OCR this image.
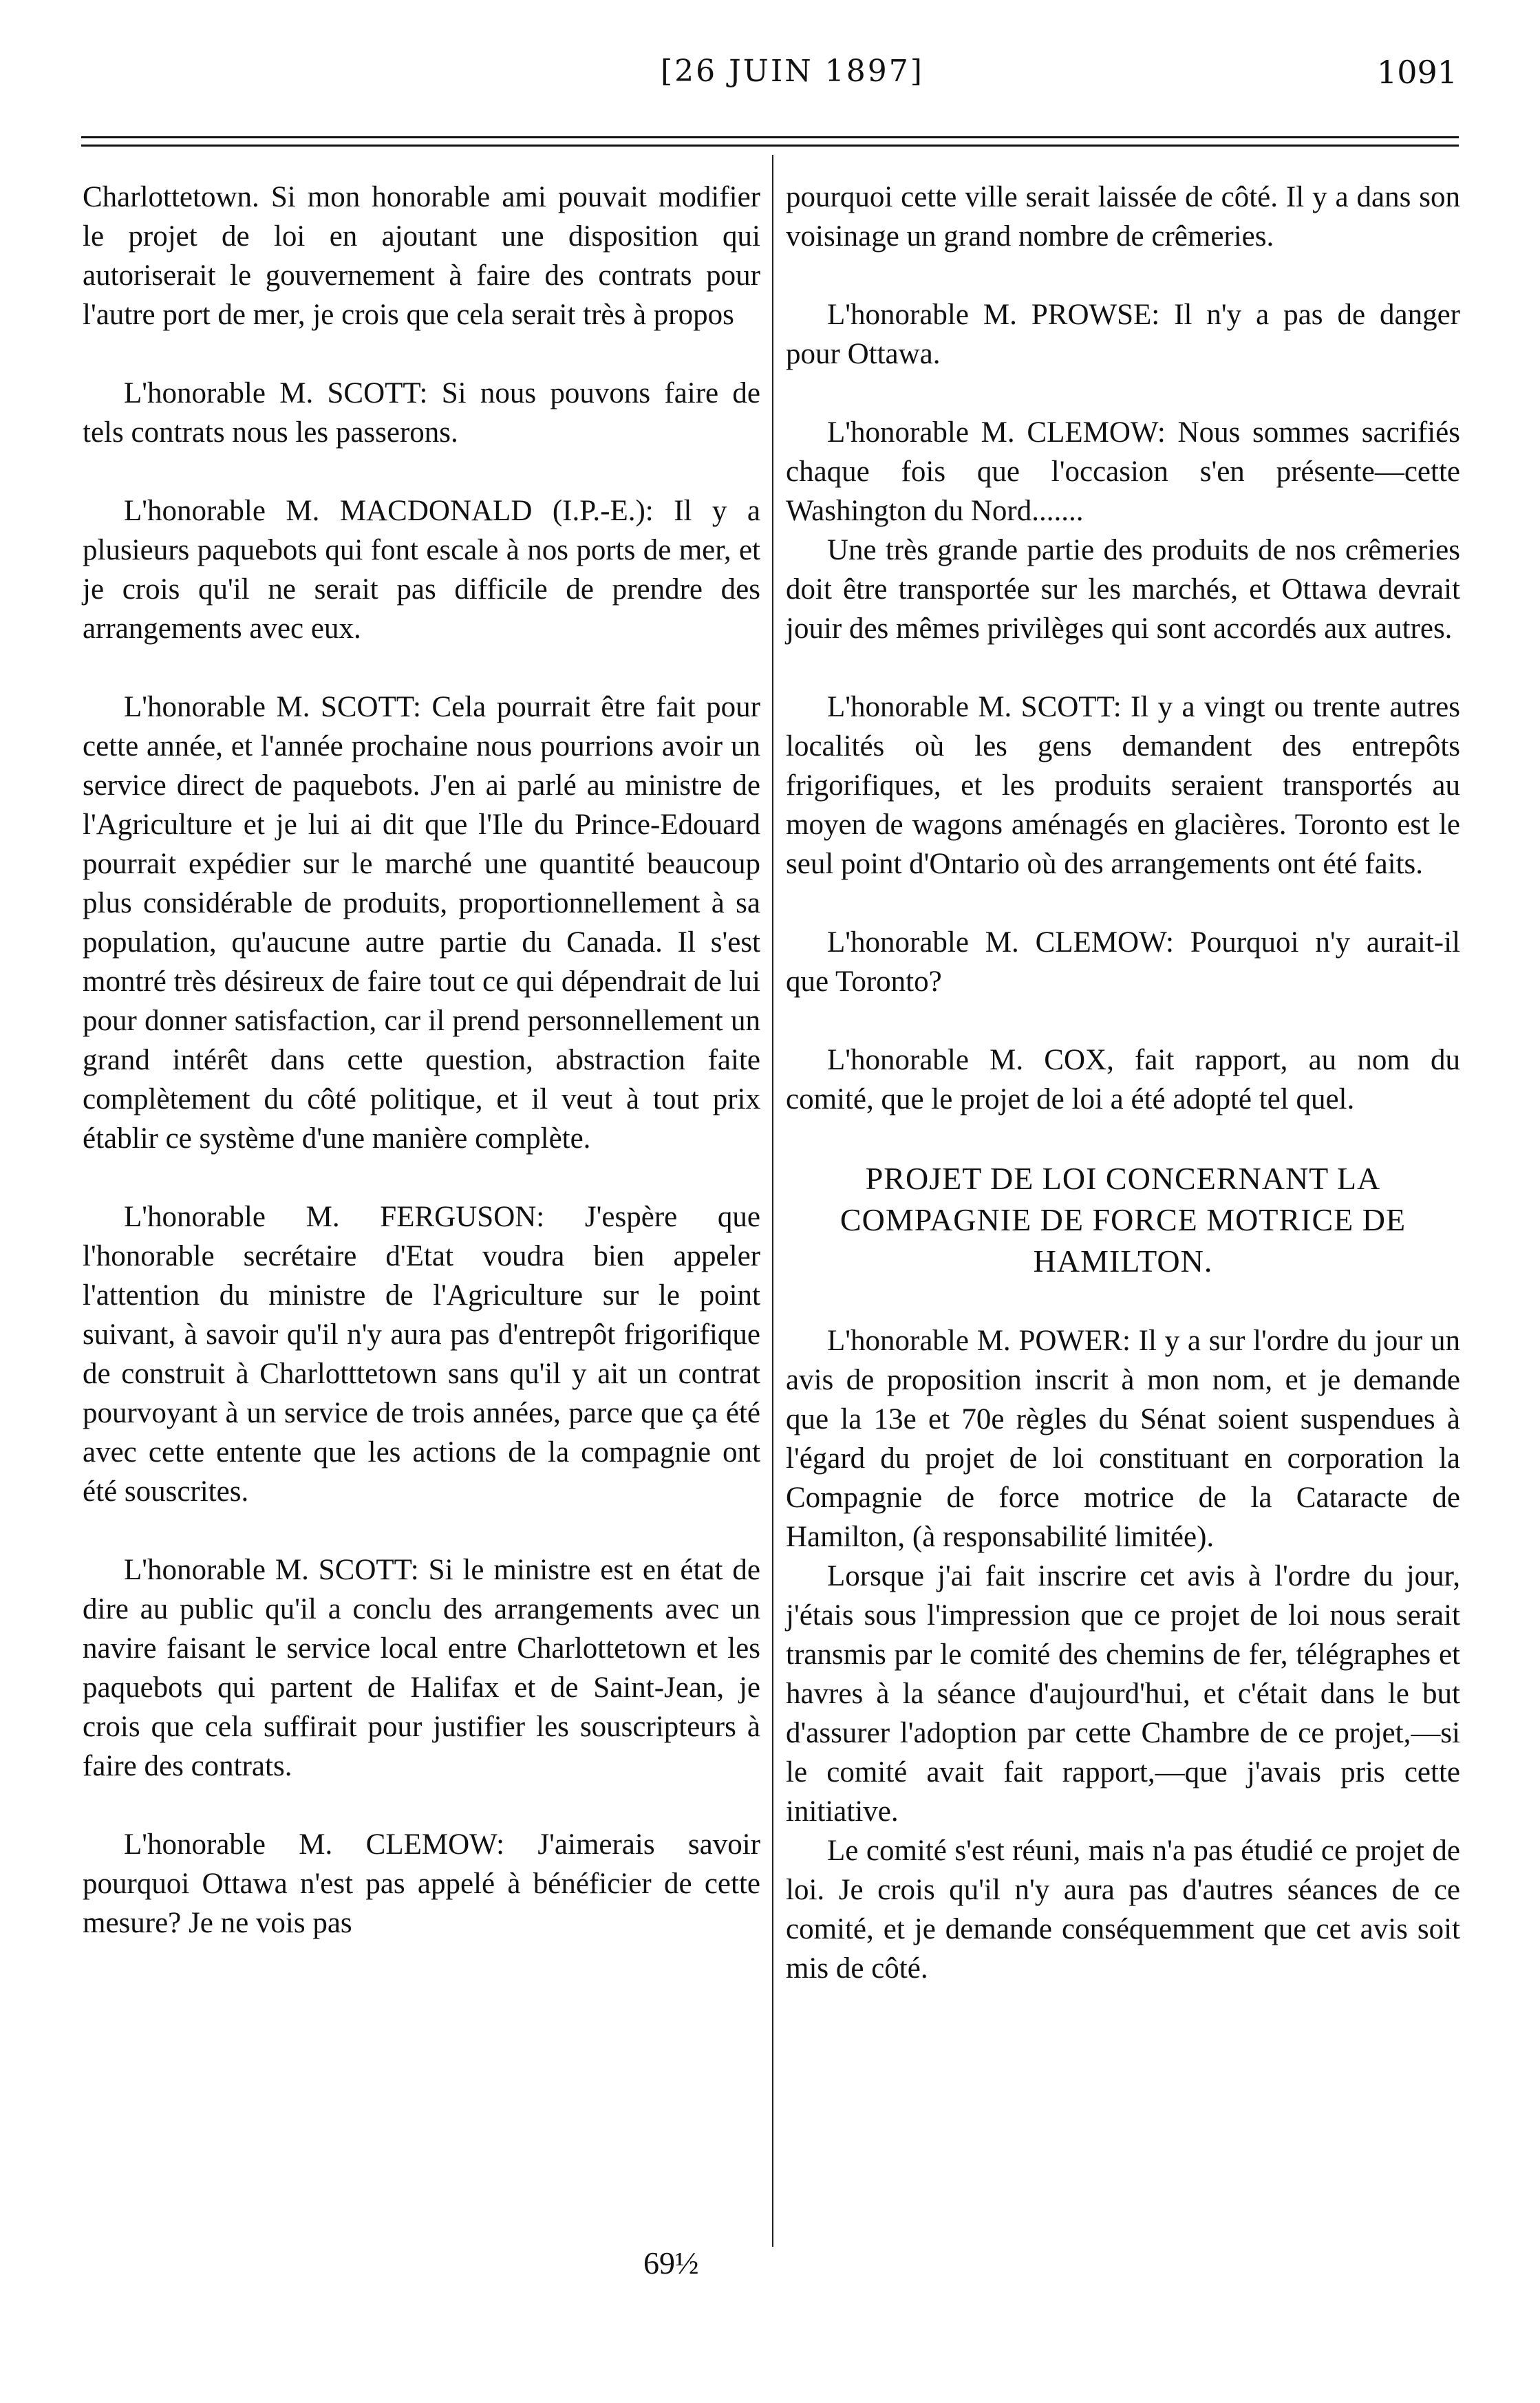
[26 JUIN 1897]	1091

Charlottetown. Si mon honorable ami pouvait modifier le projet de loi en ajoutant une disposition qui autoriserait le gouvernement à faire des contrats pour l'autre port de mer, je crois que cela serait très à propos

L'honorable M. SCOTT: Si nous pouvons faire de tels contrats nous les passerons.

L'honorable M. MACDONALD (I.P.-E.): Il y a plusieurs paquebots qui font escale à nos ports de mer, et je crois qu'il ne serait pas difficile de prendre des arrangements avec eux.

L'honorable M. SCOTT: Cela pourrait être fait pour cette année, et l'année prochaine nous pourrions avoir un service direct de paquebots. J'en ai parlé au ministre de l'Agriculture et je lui ai dit que l'Ile du Prince-Edouard pourrait expédier sur le marché une quantité beaucoup plus considérable de produits, proportionnellement à sa population, qu'aucune autre partie du Canada. Il s'est montré très désireux de faire tout ce qui dépendrait de lui pour donner satisfaction, car il prend personnellement un grand intérêt dans cette question, abstraction faite complètement du côté politique, et il veut à tout prix établir ce système d'une manière complète.

L'honorable M. FERGUSON: J'espère que l'honorable secrétaire d'Etat voudra bien appeler l'attention du ministre de l'Agriculture sur le point suivant, à savoir qu'il n'y aura pas d'entrepôt frigorifique de construit à Charlotttetown sans qu'il y ait un contrat pourvoyant à un service de trois années, parce que ça été avec cette entente que les actions de la compagnie ont été souscrites.

L'honorable M. SCOTT: Si le ministre est en état de dire au public qu'il a conclu des arrangements avec un navire faisant le service local entre Charlottetown et les paquebots qui partent de Halifax et de Saint-Jean, je crois que cela suffirait pour justifier les souscripteurs à faire des contrats.

L'honorable M. CLEMOW: J'aimerais savoir pourquoi Ottawa n'est pas appelé à bénéficier de cette mesure? Je ne vois pas

pourquoi cette ville serait laissée de côté. Il y a dans son voisinage un grand nombre de crêmeries.

L'honorable M. PROWSE: Il n'y a pas de danger pour Ottawa.

L'honorable M. CLEMOW: Nous sommes sacrifiés chaque fois que l'occasion s'en présente—cette Washington du Nord.......

Une très grande partie des produits de nos crêmeries doit être transportée sur les marchés, et Ottawa devrait jouir des mêmes privilèges qui sont accordés aux autres.

L'honorable M. SCOTT: Il y a vingt ou trente autres localités où les gens demandent des entrepôts frigorifiques, et les produits seraient transportés au moyen de wagons aménagés en glacières. Toronto est le seul point d'Ontario où des arrangements ont été faits.

L'honorable M. CLEMOW: Pourquoi n'y aurait-il que Toronto?

L'honorable M. COX, fait rapport, au nom du comité, que le projet de loi a été adopté tel quel.

PROJET DE LOI CONCERNANT LA COMPAGNIE DE FORCE MOTRICE DE HAMILTON.

L'honorable M. POWER: Il y a sur l'ordre du jour un avis de proposition inscrit à mon nom, et je demande que la 13e et 70e règles du Sénat soient suspendues à l'égard du projet de loi constituant en corporation la Compagnie de force motrice de la Cataracte de Hamilton, (à responsabilité limitée).

Lorsque j'ai fait inscrire cet avis à l'ordre du jour, j'étais sous l'impression que ce projet de loi nous serait transmis par le comité des chemins de fer, télégraphes et havres à la séance d'aujourd'hui, et c'était dans le but d'assurer l'adoption par cette Chambre de ce projet,—si le comité avait fait rapport,—que j'avais pris cette initiative.

Le comité s'est réuni, mais n'a pas étudié ce projet de loi. Je crois qu'il n'y aura pas d'autres séances de ce comité, et je demande conséquemment que cet avis soit mis de côté.

69½
